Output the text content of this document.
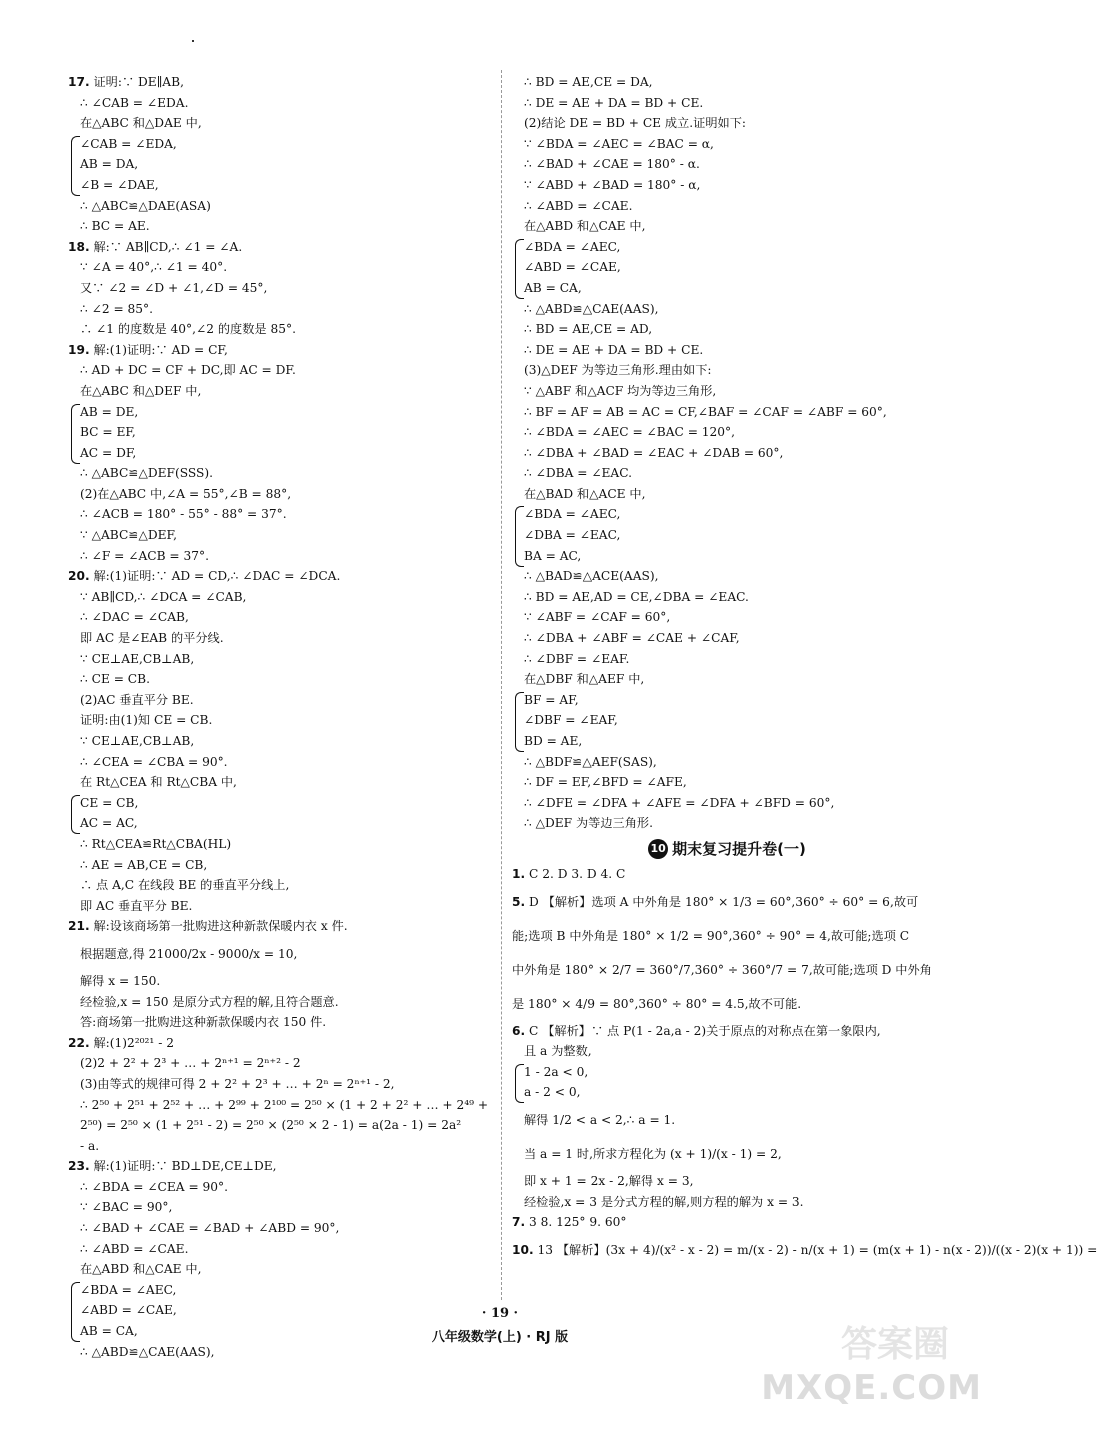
17. 证明:∵ DE∥AB,
∴ ∠CAB = ∠EDA.
在△ABC 和△DAE 中,
∠CAB = ∠EDA,
AB = DA,
∠B = ∠DAE,
∴ △ABC≌△DAE(ASA)
∴ BC = AE.
18. 解:∵ AB∥CD,∴ ∠1 = ∠A.
∵ ∠A = 40°,∴ ∠1 = 40°.
又∵ ∠2 = ∠D + ∠1,∠D = 45°,
∴ ∠2 = 85°.
∴ ∠1 的度数是 40°,∠2 的度数是 85°.
19. 解:(1)证明:∵ AD = CF,
∴ AD + DC = CF + DC,即 AC = DF.
在△ABC 和△DEF 中,
AB = DE,
BC = EF,
AC = DF,
∴ △ABC≌△DEF(SSS).
(2)在△ABC 中,∠A = 55°,∠B = 88°,
∴ ∠ACB = 180° - 55° - 88° = 37°.
∵ △ABC≌△DEF,
∴ ∠F = ∠ACB = 37°.
20. 解:(1)证明:∵ AD = CD,∴ ∠DAC = ∠DCA.
∵ AB∥CD,∴ ∠DCA = ∠CAB,
∴ ∠DAC = ∠CAB,
即 AC 是∠EAB 的平分线.
∵ CE⊥AE,CB⊥AB,
∴ CE = CB.
(2)AC 垂直平分 BE.
证明:由(1)知 CE = CB.
∵ CE⊥AE,CB⊥AB,
∴ ∠CEA = ∠CBA = 90°.
在 Rt△CEA 和 Rt△CBA 中,
CE = CB,
AC = AC,
∴ Rt△CEA≌Rt△CBA(HL)
∴ AE = AB,CE = CB,
∴ 点 A,C 在线段 BE 的垂直平分线上,
即 AC 垂直平分 BE.
21. 解:设该商场第一批购进这种新款保暖内衣 x 件.
根据题意,得 21000/2x - 9000/x = 10,
解得 x = 150.
经检验,x = 150 是原分式方程的解,且符合题意.
答:商场第一批购进这种新款保暖内衣 150 件.
22. 解:(1)2²⁰²¹ - 2
(2)2 + 2² + 2³ + … + 2ⁿ⁺¹ = 2ⁿ⁺² - 2
(3)由等式的规律可得 2 + 2² + 2³ + … + 2ⁿ = 2ⁿ⁺¹ - 2,
∴ 2⁵⁰ + 2⁵¹ + 2⁵² + … + 2⁹⁹ + 2¹⁰⁰ = 2⁵⁰ × (1 + 2 + 2² + … + 2⁴⁹ +
2⁵⁰) = 2⁵⁰ × (1 + 2⁵¹ - 2) = 2⁵⁰ × (2⁵⁰ × 2 - 1) = a(2a - 1) = 2a²
- a.
23. 解:(1)证明:∵ BD⊥DE,CE⊥DE,
∴ ∠BDA = ∠CEA = 90°.
∵ ∠BAC = 90°,
∴ ∠BAD + ∠CAE = ∠BAD + ∠ABD = 90°,
∴ ∠ABD = ∠CAE.
在△ABD 和△CAE 中,
∠BDA = ∠AEC,
∠ABD = ∠CAE,
AB = CA,
∴ △ABD≌△CAE(AAS),
∴ BD = AE,CE = DA,
∴ DE = AE + DA = BD + CE.
(2)结论 DE = BD + CE 成立.证明如下:
∵ ∠BDA = ∠AEC = ∠BAC = α,
∴ ∠BAD + ∠CAE = 180° - α.
∵ ∠ABD + ∠BAD = 180° - α,
∴ ∠ABD = ∠CAE.
在△ABD 和△CAE 中,
∠BDA = ∠AEC,
∠ABD = ∠CAE,
AB = CA,
∴ △ABD≌△CAE(AAS),
∴ BD = AE,CE = AD,
∴ DE = AE + DA = BD + CE.
(3)△DEF 为等边三角形.理由如下:
∵ △ABF 和△ACF 均为等边三角形,
∴ BF = AF = AB = AC = CF,∠BAF = ∠CAF = ∠ABF = 60°,
∴ ∠BDA = ∠AEC = ∠BAC = 120°,
∴ ∠DBA + ∠BAD = ∠EAC + ∠DAB = 60°,
∴ ∠DBA = ∠EAC.
在△BAD 和△ACE 中,
∠BDA = ∠AEC,
∠DBA = ∠EAC,
BA = AC,
∴ △BAD≌△ACE(AAS),
∴ BD = AE,AD = CE,∠DBA = ∠EAC.
∵ ∠ABF = ∠CAF = 60°,
∴ ∠DBA + ∠ABF = ∠CAE + ∠CAF,
∴ ∠DBF = ∠EAF.
在△DBF 和△AEF 中,
BF = AF,
∠DBF = ∠EAF,
BD = AE,
∴ △BDF≌△AEF(SAS),
∴ DF = EF,∠BFD = ∠AFE,
∴ ∠DFE = ∠DFA + ∠AFE = ∠DFA + ∠BFD = 60°,
∴ △DEF 为等边三角形.
10 期末复习提升卷(一)
1. C 2. D 3. D 4. C
5. D 【解析】选项 A 中外角是 180° × 1/3 = 60°,360° ÷ 60° = 6,故可
能;选项 B 中外角是 180° × 1/2 = 90°,360° ÷ 90° = 4,故可能;选项 C
中外角是 180° × 2/7 = 360°/7,360° ÷ 360°/7 = 7,故可能;选项 D 中外角
是 180° × 4/9 = 80°,360° ÷ 80° = 4.5,故不可能.
6. C 【解析】∵ 点 P(1 - 2a,a - 2)关于原点的对称点在第一象限内,
且 a 为整数,
1 - 2a < 0,
a - 2 < 0,
解得 1/2 < a < 2,∴ a = 1.
当 a = 1 时,所求方程化为 (x + 1)/(x - 1) = 2,
即 x + 1 = 2x - 2,解得 x = 3,
经检验,x = 3 是分式方程的解,则方程的解为 x = 3.
7. 3 8. 125° 9. 60°
10. 13 【解析】(3x + 4)/(x² - x - 2) = m/(x - 2) - n/(x + 1) = (m(x + 1) - n(x - 2))/((x - 2)(x + 1)) =
· 19 ·
八年级数学(上) · RJ 版	答案圈
MXQE.COM
